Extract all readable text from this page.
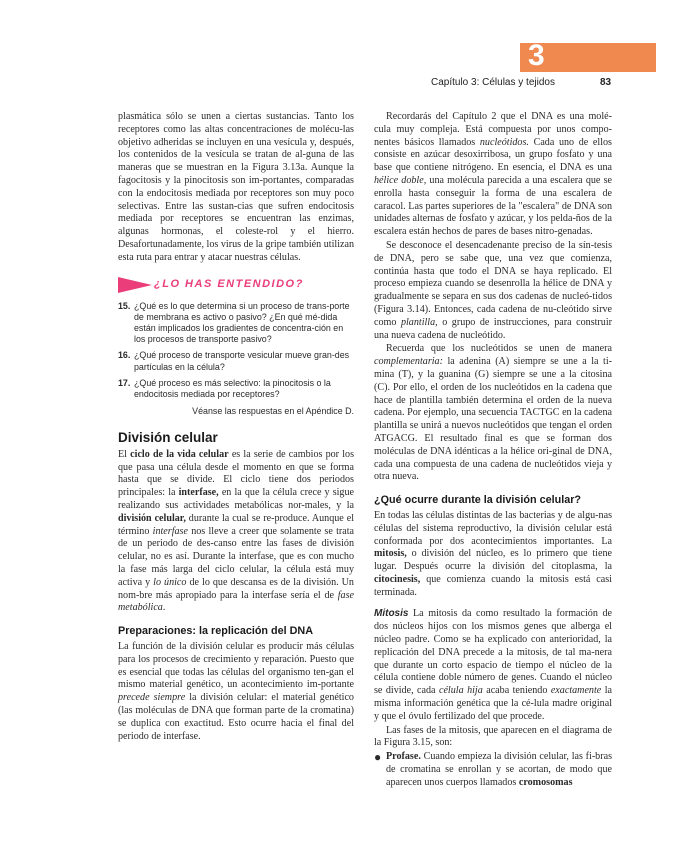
3
Capítulo 3: Células y tejidos	83

plasmática sólo se unen a ciertas sustancias. Tanto los receptores como las altas concentraciones de molécu-las objetivo adheridas se incluyen en una vesícula y, después, los contenidos de la vesícula se tratan de al-guna de las maneras que se muestran en la Figura 3.13a. Aunque la fagocitosis y la pinocitosis son im-portantes, comparadas con la endocitosis mediada por receptores son muy poco selectivas. Entre las sustan-cias que sufren endocitosis mediada por receptores se encuentran las enzimas, algunas hormonas, el coleste-rol y el hierro. Desafortunadamente, los virus de la gripe también utilizan esta ruta para entrar y atacar nuestras células.

¿LO HAS ENTENDIDO?
15. ¿Qué es lo que determina si un proceso de trans-porte de membrana es activo o pasivo? ¿En qué mé-dida están implicados los gradientes de concentra-ción en los procesos de transporte pasivo?
16. ¿Qué proceso de transporte vesicular mueve gran-des partículas en la célula?
17. ¿Qué proceso es más selectivo: la pinocitosis o la endocitosis mediada por receptores?
Véanse las respuestas en el Apéndice D.
División celular

El ciclo de la vida celular es la serie de cambios por los que pasa una célula desde el momento en que se forma hasta que se divide. El ciclo tiene dos periodos principales: la interfase, en la que la célula crece y sigue realizando sus actividades metabólicas nor-males, y la división celular, durante la cual se re-produce. Aunque el término interfase nos lleve a creer que solamente se trata de un periodo de des-canso entre las fases de división celular, no es así. Durante la interfase, que es con mucho la fase más larga del ciclo celular, la célula está muy activa y lo único de lo que descansa es de la división. Un nom-bre más apropiado para la interfase sería el de fase metabólica.

Preparaciones: la replicación del DNA

La función de la división celular es producir más células para los procesos de crecimiento y reparación. Puesto que es esencial que todas las células del organismo ten-gan el mismo material genético, un acontecimiento im-portante precede siempre la división celular: el material genético (las moléculas de DNA que forman parte de la cromatina) se duplica con exactitud. Esto ocurre hacia el final del periodo de interfase.

Recordarás del Capítulo 2 que el DNA es una molé-cula muy compleja. Está compuesta por unos compo-nentes básicos llamados nucleótidos. Cada uno de ellos consiste en azúcar desoxirribosa, un grupo fosfato y una base que contiene nitrógeno. En esencia, el DNA es una hélice doble, una molécula parecida a una escalera que se enrolla hasta conseguir la forma de una escalera de caracol. Las partes superiores de la "escalera" de DNA son unidades alternas de fosfato y azúcar, y los pelda-ños de la escalera están hechos de pares de bases nitro-genadas.

Se desconoce el desencadenante preciso de la sín-tesis de DNA, pero se sabe que, una vez que comienza, continúa hasta que todo el DNA se haya replicado. El proceso empieza cuando se desenrolla la hélice de DNA y gradualmente se separa en sus dos cadenas de nucleó-tidos (Figura 3.14). Entonces, cada cadena de nu-cleótido sirve como plantilla, o grupo de instrucciones, para construir una nueva cadena de nucleótido.

Recuerda que los nucleótidos se unen de manera complementaria: la adenina (A) siempre se une a la ti-mina (T), y la guanina (G) siempre se une a la citosina (C). Por ello, el orden de los nucleótidos en la cadena que hace de plantilla también determina el orden de la nueva cadena. Por ejemplo, una secuencia TACTGC en la cadena plantilla se unirá a nuevos nucleótidos que tengan el orden ATGACG. El resultado final es que se forman dos moléculas de DNA idénticas a la hélice ori-ginal de DNA, cada una compuesta de una cadena de nucleótidos vieja y otra nueva.

¿Qué ocurre durante la división celular?

En todas las células distintas de las bacterias y de algu-nas células del sistema reproductivo, la división celular está conformada por dos acontecimientos importantes. La mitosis, o división del núcleo, es lo primero que tiene lugar. Después ocurre la división del citoplasma, la citocinesis, que comienza cuando la mitosis está casi terminada.

Mitosis La mitosis da como resultado la formación de dos núcleos hijos con los mismos genes que alberga el núcleo padre. Como se ha explicado con anterioridad, la replicación del DNA precede a la mitosis, de tal ma-nera que durante un corto espacio de tiempo el núcleo de la célula contiene doble número de genes. Cuando el núcleo se divide, cada célula hija acaba teniendo exactamente la misma información genética que la cé-lula madre original y que el óvulo fertilizado del que procede.

Las fases de la mitosis, que aparecen en el diagrama de la Figura 3.15, son:

● Profase. Cuando empieza la división celular, las fi-bras de cromatina se enrollan y se acortan, de modo que aparecen unos cuerpos llamados cromosomas
